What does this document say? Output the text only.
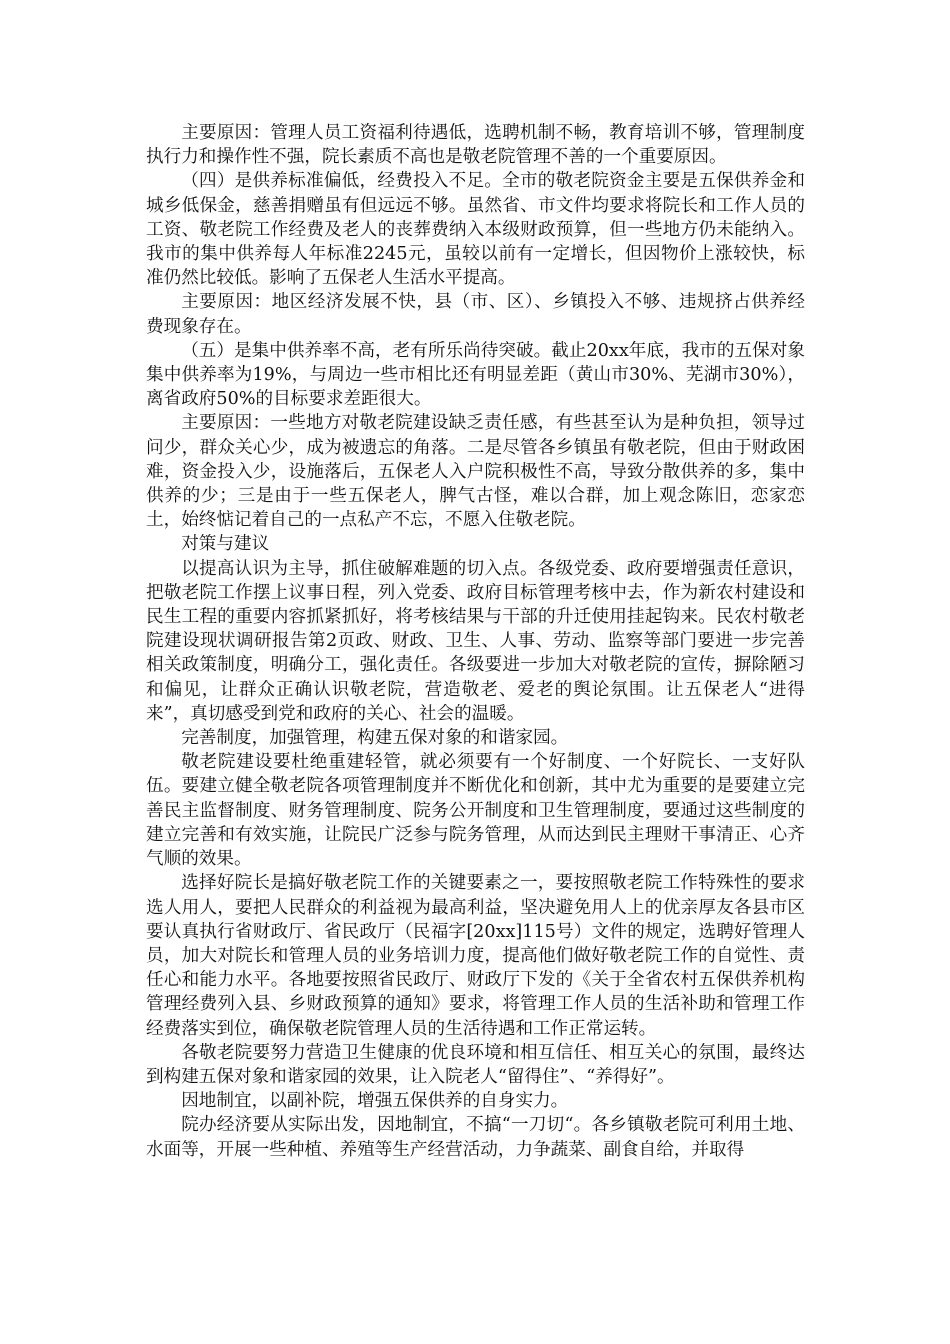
主要原因：管理人员工资福利待遇低，选聘机制不畅，教育培训不够，管理制度执行力和操作性不强，院长素质不高也是敬老院管理不善的一个重要原因。

（四）是供养标准偏低，经费投入不足。全市的敬老院资金主要是五保供养金和城乡低保金，慈善捐赠虽有但远远不够。虽然省、市文件均要求将院长和工作人员的工资、敬老院工作经费及老人的丧葬费纳入本级财政预算，但一些地方仍未能纳入。我市的集中供养每人年标准2245元，虽较以前有一定增长，但因物价上涨较快，标准仍然比较低。影响了五保老人生活水平提高。

主要原因：地区经济发展不快，县（市、区）、乡镇投入不够、违规挤占供养经费现象存在。

（五）是集中供养率不高，老有所乐尚待突破。截止20xx年底，我市的五保对象集中供养率为19%，与周边一些市相比还有明显差距（黄山市30%、芜湖市30%），离省政府50%的目标要求差距很大。

主要原因：一些地方对敬老院建设缺乏责任感，有些甚至认为是种负担，领导过问少，群众关心少，成为被遗忘的角落。二是尽管各乡镇虽有敬老院，但由于财政困难，资金投入少，设施落后，五保老人入户院积极性不高，导致分散供养的多，集中供养的少；三是由于一些五保老人，脾气古怪，难以合群，加上观念陈旧，恋家恋土，始终惦记着自己的一点私产不忘，不愿入住敬老院。

对策与建议

以提高认识为主导，抓住破解难题的切入点。各级党委、政府要增强责任意识，把敬老院工作摆上议事日程，列入党委、政府目标管理考核中去，作为新农村建设和民生工程的重要内容抓紧抓好，将考核结果与干部的升迁使用挂起钩来。民农村敬老院建设现状调研报告第2页政、财政、卫生、人事、劳动、监察等部门要进一步完善相关政策制度，明确分工，强化责任。各级要进一步加大对敬老院的宣传，摒除陋习和偏见，让群众正确认识敬老院，营造敬老、爱老的舆论氛围。让五保老人“进得来”，真切感受到党和政府的关心、社会的温暖。

完善制度，加强管理，构建五保对象的和谐家园。

敬老院建设要杜绝重建轻管，就必须要有一个好制度、一个好院长、一支好队伍。要建立健全敬老院各项管理制度并不断优化和创新，其中尤为重要的是要建立完善民主监督制度、财务管理制度、院务公开制度和卫生管理制度，要通过这些制度的建立完善和有效实施，让院民广泛参与院务管理，从而达到民主理财干事清正、心齐气顺的效果。

选择好院长是搞好敬老院工作的关键要素之一，要按照敬老院工作特殊性的要求选人用人，要把人民群众的利益视为最高利益，坚决避免用人上的优亲厚友各县市区要认真执行省财政厅、省民政厅（民福字[20xx]115号）文件的规定，选聘好管理人员，加大对院长和管理人员的业务培训力度，提高他们做好敬老院工作的自觉性、责任心和能力水平。各地要按照省民政厅、财政厅下发的《关于全省农村五保供养机构管理经费列入县、乡财政预算的通知》要求，将管理工作人员的生活补助和管理工作经费落实到位，确保敬老院管理人员的生活待遇和工作正常运转。

各敬老院要努力营造卫生健康的优良环境和相互信任、相互关心的氛围，最终达到构建五保对象和谐家园的效果，让入院老人“留得住”、“养得好”。

因地制宜，以副补院，增强五保供养的自身实力。

院办经济要从实际出发，因地制宜，不搞“一刀切“。各乡镇敬老院可利用土地、水面等，开展一些种植、养殖等生产经营活动，力争蔬菜、副食自给，并取得
